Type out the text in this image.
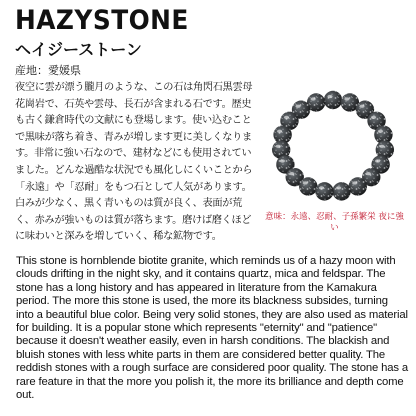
HAZYSTONE
ヘイジーストーン
産地：愛媛県
夜空に雲が漂う朧月のような、この石は角閃石黒雲母花崗岩で、石英や雲母、長石が含まれる石です。歴史も古く鎌倉時代の文献にも登場します。使い込むことで黒味が落ち着き、青みが増します更に美しくなります。非常に強い石なので、建材などにも使用されていました。どんな過酷な状況でも風化しにくいことから「永遠」や「忍耐」をもつ石として人気があります。白みが少なく、黒く青いものは質が良く、表面が荒く、赤みが強いものは質が落ちます。磨けば磨くほどに味わいと深みを増していく、稀な鉱物です。
意味：永遠、忍耐、子孫繁栄 夜に強い

This stone is hornblende biotite granite, which reminds us of a hazy moon with clouds drifting in the night sky, and it contains quartz, mica and feldspar. The stone has a long history and has appeared in literature from the Kamakura period. The more this stone is used, the more its blackness subsides, turning into a beautiful blue color. Being very solid stones, they are also used as material for building. It is a popular stone which represents "eternity" and "patience" because it doesn't weather easily, even in harsh conditions. The blackish and bluish stones with less white parts in them are considered better quality. The reddish stones with a rough surface are considered poor quality. The stone has a rare feature in that the more you polish it, the more its brilliance and depth come out.
